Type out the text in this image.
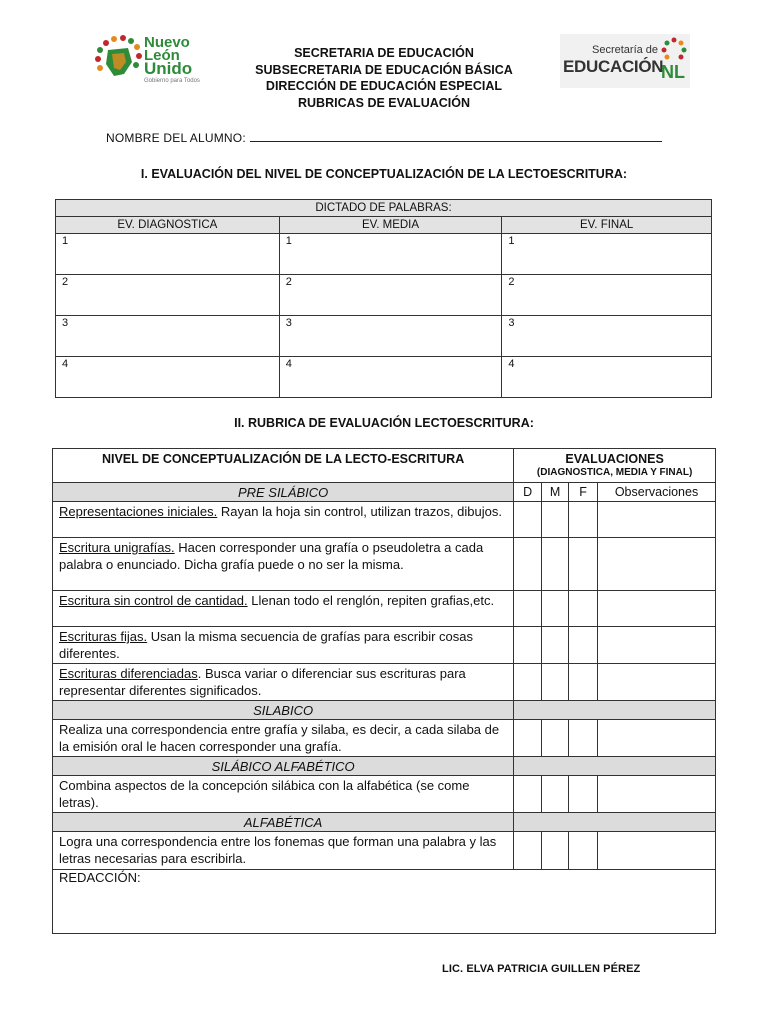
Nuevo
León
Unido
Gobierno para Todos
SECRETARIA DE EDUCACIÓN
SUBSECRETARIA DE EDUCACIÓN BÁSICA
DIRECCIÓN DE EDUCACIÓN ESPECIAL
RUBRICAS DE EVALUACIÓN
Secretaría de
EDUCACIÓN
NL
NOMBRE DEL ALUMNO:
I. EVALUACIÓN DEL NIVEL DE CONCEPTUALIZACIÓN DE LA LECTOESCRITURA:
DICTADO DE PALABRAS:		
EV. DIAGNOSTICA	EV. MEDIA	EV. FINAL
1	1	1
2	2	2
3	3	3
4	4	4
II. RUBRICA DE EVALUACIÓN LECTOESCRITURA:
NIVEL DE CONCEPTUALIZACIÓN DE LA LECTO-ESCRITURA	EVALUACIONES
(DIAGNOSTICA, MEDIA Y FINAL)			

PRE SILÁBICO	D	M	F	Observaciones
Representaciones iniciales. Rayan la hoja sin control, utilizan trazos, dibujos.				
Escritura unigrafías. Hacen corresponder una grafía o pseudoletra a cada palabra o enunciado. Dicha grafía puede o no ser la misma.				
Escritura sin control de cantidad. Llenan todo el renglón, repiten grafias,etc.				
Escrituras fijas. Usan la misma secuencia de grafías para escribir cosas diferentes.				
Escrituras diferenciadas. Busca variar o diferenciar sus escrituras para representar diferentes significados.				
SILABICO				
Realiza una correspondencia entre grafía y silaba, es decir, a cada silaba de la emisión oral le hacen corresponder una grafía.				
SILÁBICO ALFABÉTICO				
Combina aspectos de la concepción silábica con la alfabética (se come letras).				
ALFABÉTICA				
Logra una correspondencia entre los fonemas que forman una palabra y las letras necesarias para escribirla.				
REDACCIÓN:				
LIC. ELVA PATRICIA GUILLEN PÉREZ
